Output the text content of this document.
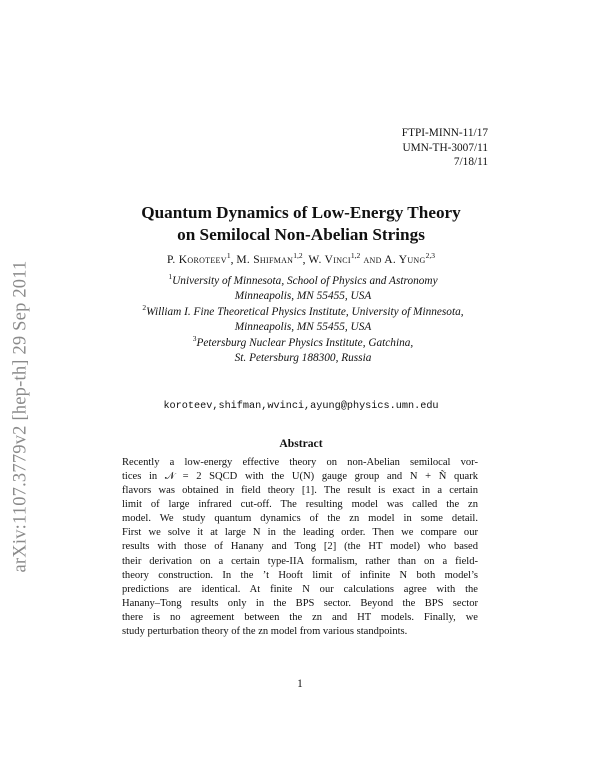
arXiv:1107.3779v2 [hep-th] 29 Sep 2011
FTPI-MINN-11/17
UMN-TH-3007/11
7/18/11
Quantum Dynamics of Low-Energy Theory
on Semilocal Non-Abelian Strings
P. Koroteev$^1$, M. Shifman$^{1,2}$, W. Vinci$^{1,2}$ and A. Yung$^{2,3}$
$^1$University of Minnesota, School of Physics and Astronomy
Minneapolis, MN 55455, USA
$^2$William I. Fine Theoretical Physics Institute, University of Minnesota,
Minneapolis, MN 55455, USA
$^3$Petersburg Nuclear Physics Institute, Gatchina,
St. Petersburg 188300, Russia
koroteev,shifman,wvinci,ayung@physics.umn.edu
Abstract
Recently a low-energy effective theory on non-Abelian semilocal vor-
tices in 𝒩 = 2 SQCD with the U(N) gauge group and N + Ñ quark
flavors was obtained in field theory [1]. The result is exact in a certain
limit of large infrared cut-off. The resulting model was called the zn
model. We study quantum dynamics of the zn model in some detail.
First we solve it at large N in the leading order. Then we compare our
results with those of Hanany and Tong [2] (the HT model) who based
their derivation on a certain type-IIA formalism, rather than on a field-
theory construction. In the ’t Hooft limit of infinite N both model’s
predictions are identical. At finite N our calculations agree with the
Hanany–Tong results only in the BPS sector. Beyond the BPS sector
there is no agreement between the zn and HT models. Finally, we
study perturbation theory of the zn model from various standpoints.
1
